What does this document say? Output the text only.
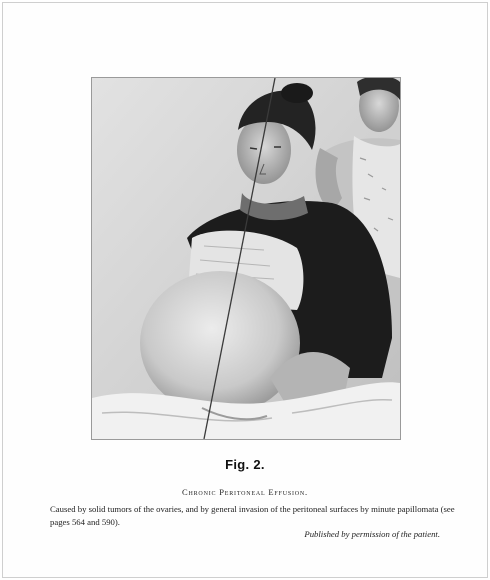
Fig. 2.
Chronic Peritoneal Effusion.
Caused by solid tumors of the ovaries, and by general invasion of the peritoneal surfaces by minute papillomata (see pages 564 and 590).
Published by permission of the patient.
